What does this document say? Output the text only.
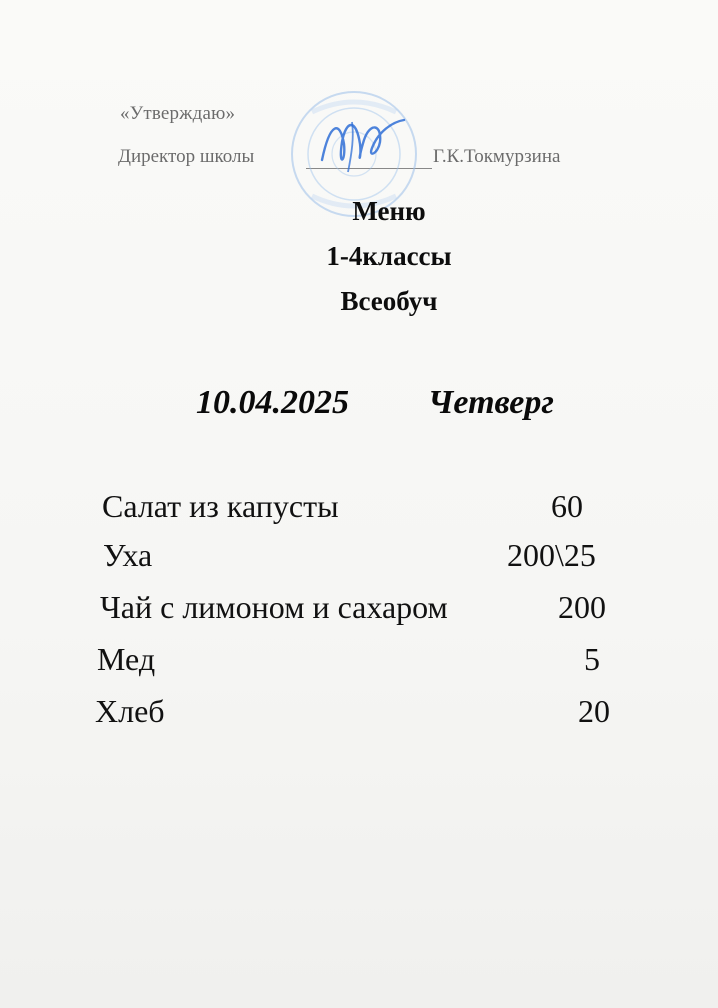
«Утверждаю»
Директор школы	Г.К.Токмурзина
Меню
1-4классы
Всеобуч
10.04.2025 Четверг
Салат из капусты	60
Уха	200\25
Чай с лимоном и сахаром	200
Мед	5
Хлеб	20
